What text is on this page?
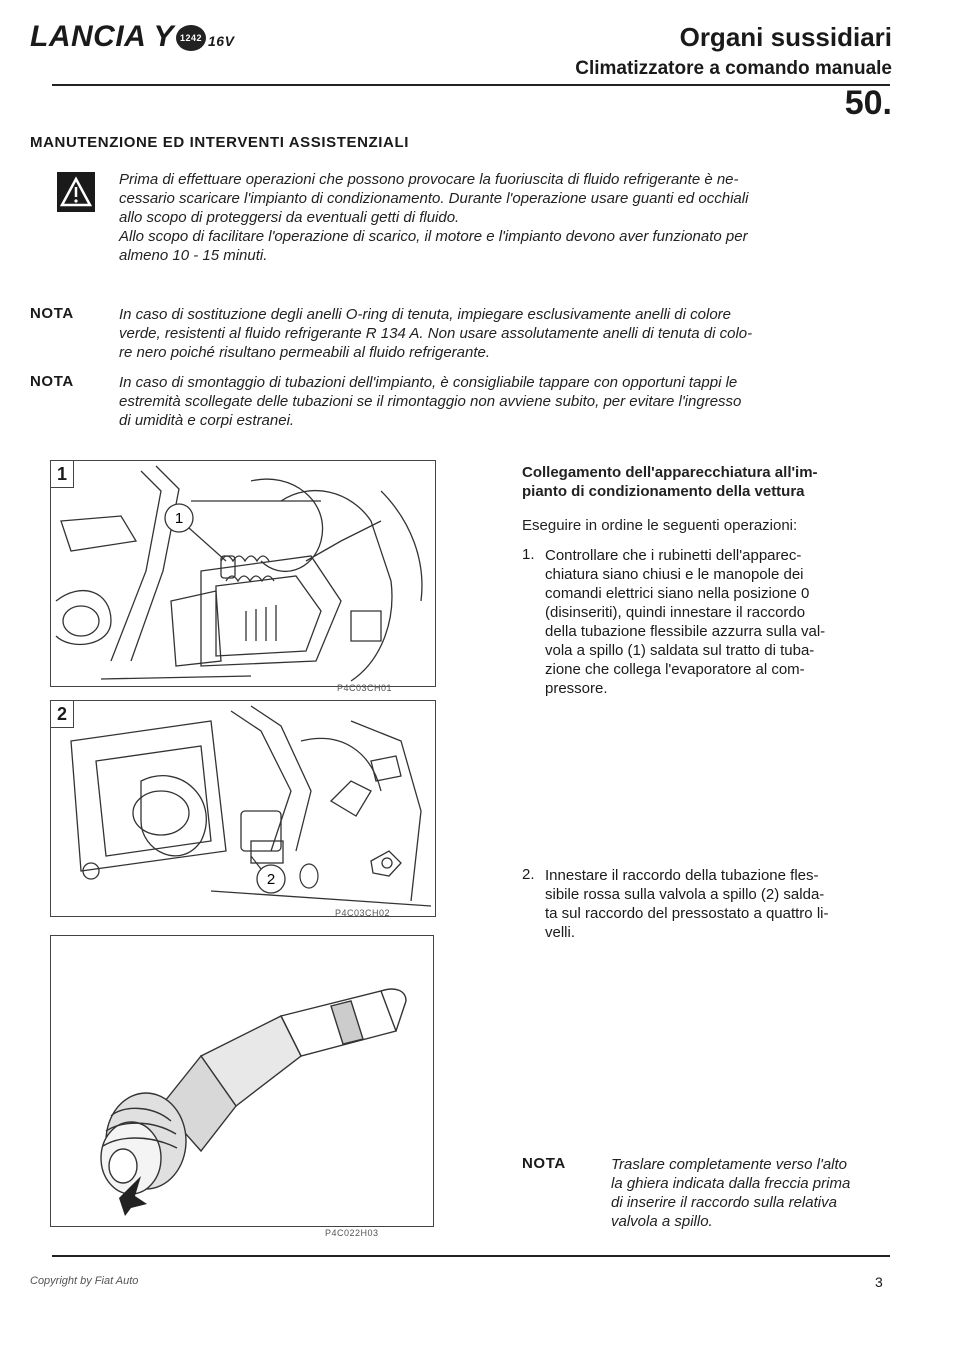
LANCIA Y 1242 16V	Organi sussidiari
Climatizzatore a comando manuale
50.
MANUTENZIONE ED INTERVENTI ASSISTENZIALI
Prima di effettuare operazioni che possono provocare la fuoriuscita di fluido refrigerante è ne-
cessario scaricare l'impianto di condizionamento. Durante l'operazione usare guanti ed occhiali
allo scopo di proteggersi da eventuali getti di fluido.
Allo scopo di facilitare l'operazione di scarico, il motore e l'impianto devono aver funzionato per
almeno 10 - 15 minuti.
NOTA	In caso di sostituzione degli anelli O-ring di tenuta, impiegare esclusivamente anelli di colore
verde, resistenti al fluido refrigerante R 134 A. Non usare assolutamente anelli di tenuta di colo-
re nero poiché risultano permeabili al fluido refrigerante.
NOTA	In caso di smontaggio di tubazioni dell'impianto, è consigliabile tappare con opportuni tappi le
estremità scollegate delle tubazioni se il rimontaggio non avviene subito, per evitare l'ingresso
di umidità e corpi estranei.
1
1
P4C03CH01
2
2
P4C03CH02
P4C022H03
Collegamento dell'apparecchiatura all'im-
pianto di condizionamento della vettura
Eseguire in ordine le seguenti operazioni:
1. Controllare che i rubinetti dell'apparec-
chiatura siano chiusi e le manopole dei
comandi elettrici siano nella posizione 0
(disinseriti), quindi innestare il raccordo
della tubazione flessibile azzurra sulla val-
vola a spillo (1) saldata sul tratto di tuba-
zione che collega l'evaporatore al com-
pressore.
2. Innestare il raccordo della tubazione fles-
sibile rossa sulla valvola a spillo (2) salda-
ta sul raccordo del pressostato a quattro li-
velli.
NOTA	Traslare completamente verso l'alto
la ghiera indicata dalla freccia prima
di inserire il raccordo sulla relativa
valvola a spillo.
Copyright by Fiat Auto	3
